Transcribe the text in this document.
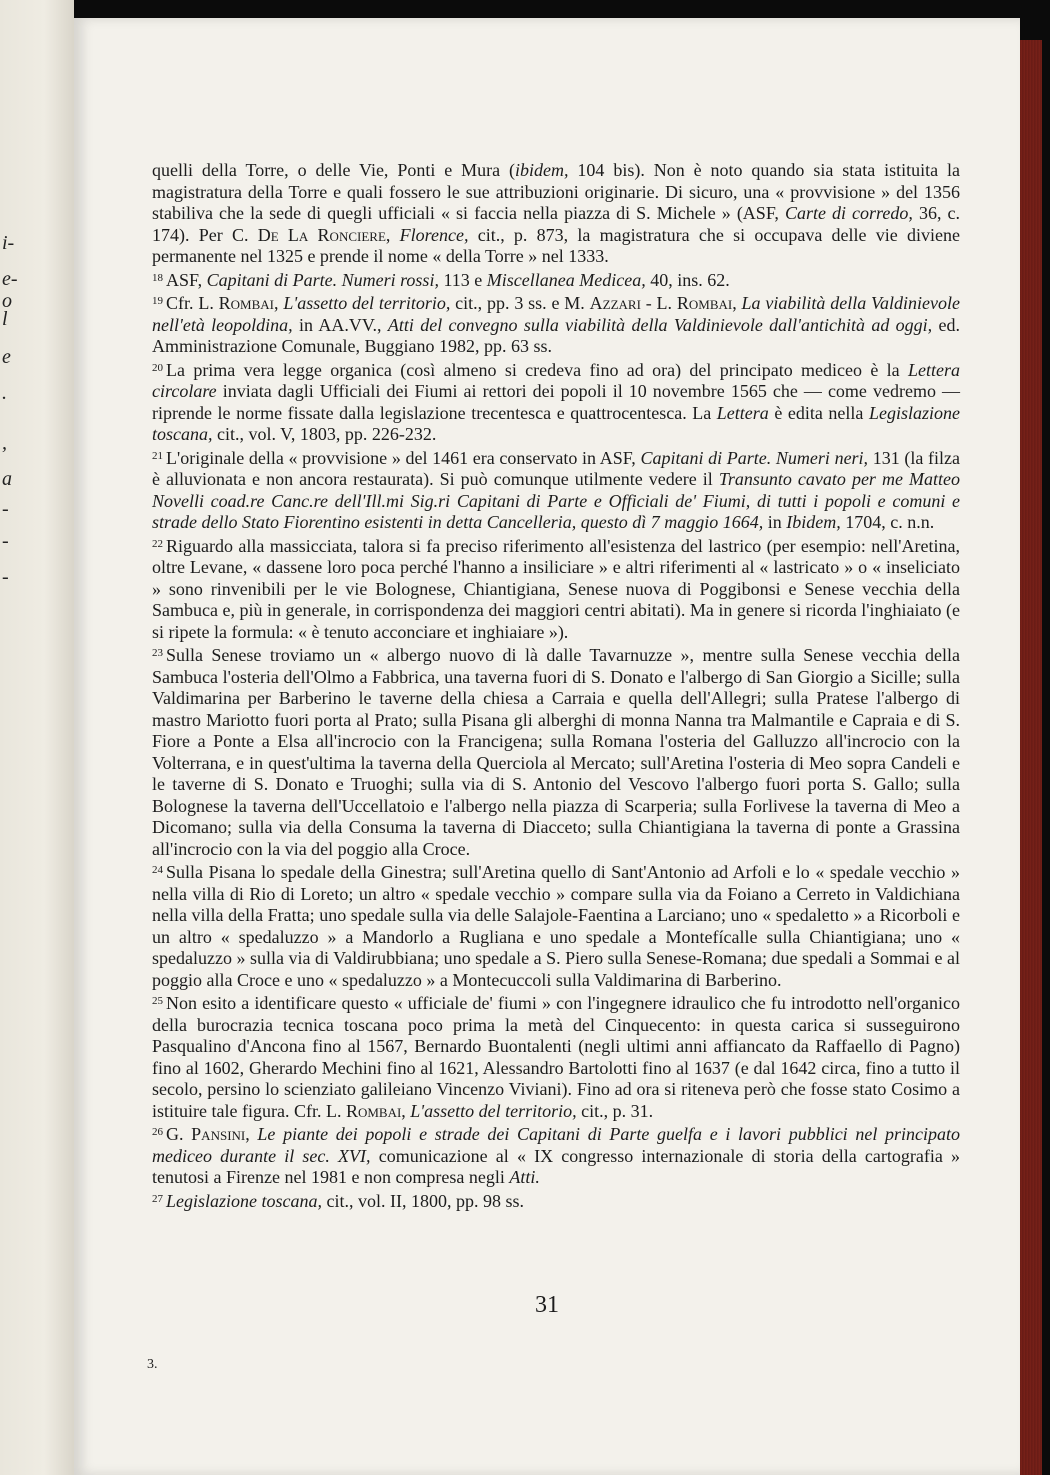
i-
e-
o
l
e
.
,
a
-
-
-

quelli della Torre, o delle Vie, Ponti e Mura (ibidem, 104 bis). Non è noto quando sia stata istituita la magistratura della Torre e quali fossero le sue attribuzioni originarie. Di sicuro, una « provvisione » del 1356 stabiliva che la sede di quegli ufficiali « si faccia nella piazza di S. Michele » (ASF, Carte di corredo, 36, c. 174). Per C. De La Ronciere, Florence, cit., p. 873, la magistratura che si occupava delle vie diviene permanente nel 1325 e prende il nome « della Torre » nel 1333.

$^{18}$ ASF, Capitani di Parte. Numeri rossi, 113 e Miscellanea Medicea, 40, ins. 62.

$^{19}$ Cfr. L. Rombai, L'assetto del territorio, cit., pp. 3 ss. e M. Azzari - L. Rombai, La viabilità della Valdinievole nell'età leopoldina, in AA.VV., Atti del convegno sulla viabilità della Valdinievole dall'antichità ad oggi, ed. Amministrazione Comunale, Buggiano 1982, pp. 63 ss.

$^{20}$ La prima vera legge organica (così almeno si credeva fino ad ora) del principato mediceo è la Lettera circolare inviata dagli Ufficiali dei Fiumi ai rettori dei popoli il 10 novembre 1565 che — come vedremo — riprende le norme fissate dalla legislazione trecentesca e quattrocentesca. La Lettera è edita nella Legislazione toscana, cit., vol. V, 1803, pp. 226-232.

$^{21}$ L'originale della « provvisione » del 1461 era conservato in ASF, Capitani di Parte. Numeri neri, 131 (la filza è alluvionata e non ancora restaurata). Si può comunque utilmente vedere il Transunto cavato per me Matteo Novelli coad.re Canc.re dell'Ill.mi Sig.ri Capitani di Parte e Officiali de' Fiumi, di tutti i popoli e comuni e strade dello Stato Fiorentino esistenti in detta Cancelleria, questo dì 7 maggio 1664, in Ibidem, 1704, c. n.n.

$^{22}$ Riguardo alla massicciata, talora si fa preciso riferimento all'esistenza del lastrico (per esempio: nell'Aretina, oltre Levane, « dassene loro poca perché l'hanno a insiliciare » e altri riferimenti al « lastricato » o « inseliciato » sono rinvenibili per le vie Bolognese, Chiantigiana, Senese nuova di Poggibonsi e Senese vecchia della Sambuca e, più in generale, in corrispondenza dei maggiori centri abitati). Ma in genere si ricorda l'inghiaiato (e si ripete la formula: « è tenuto acconciare et inghiaiare »).

$^{23}$ Sulla Senese troviamo un « albergo nuovo di là dalle Tavarnuzze », mentre sulla Senese vecchia della Sambuca l'osteria dell'Olmo a Fabbrica, una taverna fuori di S. Donato e l'albergo di San Giorgio a Sicille; sulla Valdimarina per Barberino le taverne della chiesa a Carraia e quella dell'Allegri; sulla Pratese l'albergo di mastro Mariotto fuori porta al Prato; sulla Pisana gli alberghi di monna Nanna tra Malmantile e Capraia e di S. Fiore a Ponte a Elsa all'incrocio con la Francigena; sulla Romana l'osteria del Galluzzo all'incrocio con la Volterrana, e in quest'ultima la taverna della Querciola al Mercato; sull'Aretina l'osteria di Meo sopra Candeli e le taverne di S. Donato e Truoghi; sulla via di S. Antonio del Vescovo l'albergo fuori porta S. Gallo; sulla Bolognese la taverna dell'Uccellatoio e l'albergo nella piazza di Scarperia; sulla Forlivese la taverna di Meo a Dicomano; sulla via della Consuma la taverna di Diacceto; sulla Chiantigiana la taverna di ponte a Grassina all'incrocio con la via del poggio alla Croce.

$^{24}$ Sulla Pisana lo spedale della Ginestra; sull'Aretina quello di Sant'Antonio ad Arfoli e lo « spedale vecchio » nella villa di Rio di Loreto; un altro « spedale vecchio » compare sulla via da Foiano a Cerreto in Valdichiana nella villa della Fratta; uno spedale sulla via delle Salajole-Faentina a Larciano; uno « spedaletto » a Ricorboli e un altro « spedaluzzo » a Mandorlo a Rugliana e uno spedale a Montefícalle sulla Chiantigiana; uno « spedaluzzo » sulla via di Valdirubbiana; uno spedale a S. Piero sulla Senese-Romana; due spedali a Sommai e al poggio alla Croce e uno « spedaluzzo » a Montecuccoli sulla Valdimarina di Barberino.

$^{25}$ Non esito a identificare questo « ufficiale de' fiumi » con l'ingegnere idraulico che fu introdotto nell'organico della burocrazia tecnica toscana poco prima la metà del Cinquecento: in questa carica si susseguirono Pasqualino d'Ancona fino al 1567, Bernardo Buontalenti (negli ultimi anni affiancato da Raffaello di Pagno) fino al 1602, Gherardo Mechini fino al 1621, Alessandro Bartolotti fino al 1637 (e dal 1642 circa, fino a tutto il secolo, persino lo scienziato galileiano Vincenzo Viviani). Fino ad ora si riteneva però che fosse stato Cosimo a istituire tale figura. Cfr. L. Rombai, L'assetto del territorio, cit., p. 31.

$^{26}$ G. Pansini, Le piante dei popoli e strade dei Capitani di Parte guelfa e i lavori pubblici nel principato mediceo durante il sec. XVI, comunicazione al « IX congresso internazionale di storia della cartografia » tenutosi a Firenze nel 1981 e non compresa negli Atti.

$^{27}$ Legislazione toscana, cit., vol. II, 1800, pp. 98 ss.

31
3.
